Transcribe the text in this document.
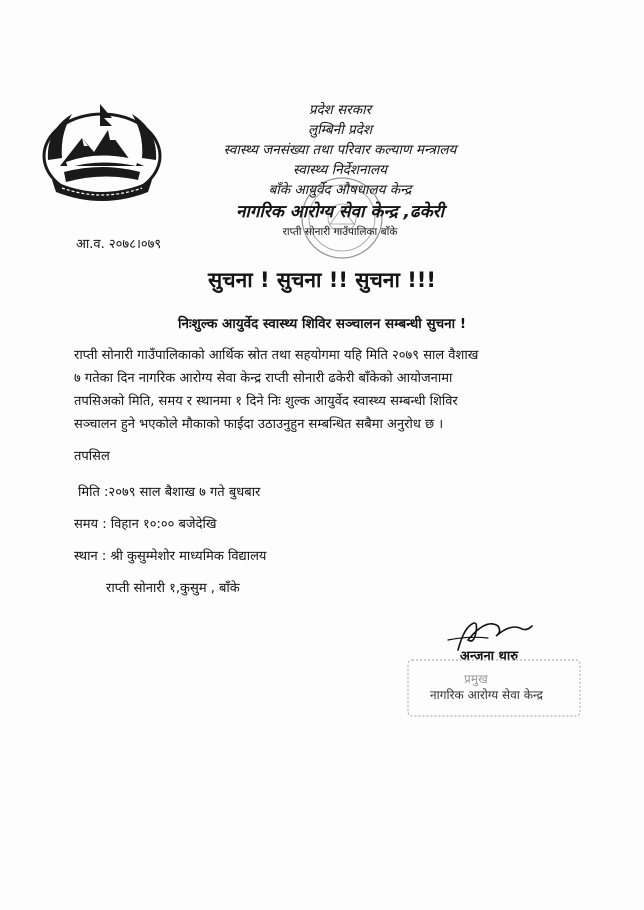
प्रदेश सरकार
लुम्बिनी प्रदेश
स्वास्थ्य जनसंख्या तथा परिवार कल्याण मन्त्रालय
स्वास्थ्य निर्देशनालय
बाँके आयुर्वेद औषधालय केन्द्र
नागरिक आरोग्य सेवा केन्द्र ,ढकेरी
राप्ती सोनारी गाउँपालिका बाँके
आ.व. २०७८।०७९
सुचना ! सुचना !! सुचना !!!
निःशुल्क आयुर्वेद स्वास्थ्य शिविर सञ्चालन सम्बन्धी सुचना !
राप्ती सोनारी गाउँपालिकाको आर्थिक स्रोत तथा सहयोगमा यहि मिति २०७९ साल वैशाख
७ गतेका दिन नागरिक आरोग्य सेवा केन्द्र राप्ती सोनारी ढकेरी बाँकेको आयोजनामा
तपसिअको मिति, समय र स्थानमा १ दिने निः शुल्क आयुर्वेद स्वास्थ्य सम्बन्धी शिविर
सञ्चालन हुने भएकोले मौकाको फाईदा उठाउनुहुन सम्बन्धित सबैमा अनुरोध छ ।
तपसिल
मिति :२०७९ साल बैशाख ७ गते बुधबार
समय : विहान १०:०० बजेदेखि
स्थान : श्री कुसुम्मेशोर माध्यमिक विद्यालय
राप्ती सोनारी १,कुसुम , बाँके
अन्जना थारु
प्रमुख
नागरिक आरोग्य सेवा केन्द्र
